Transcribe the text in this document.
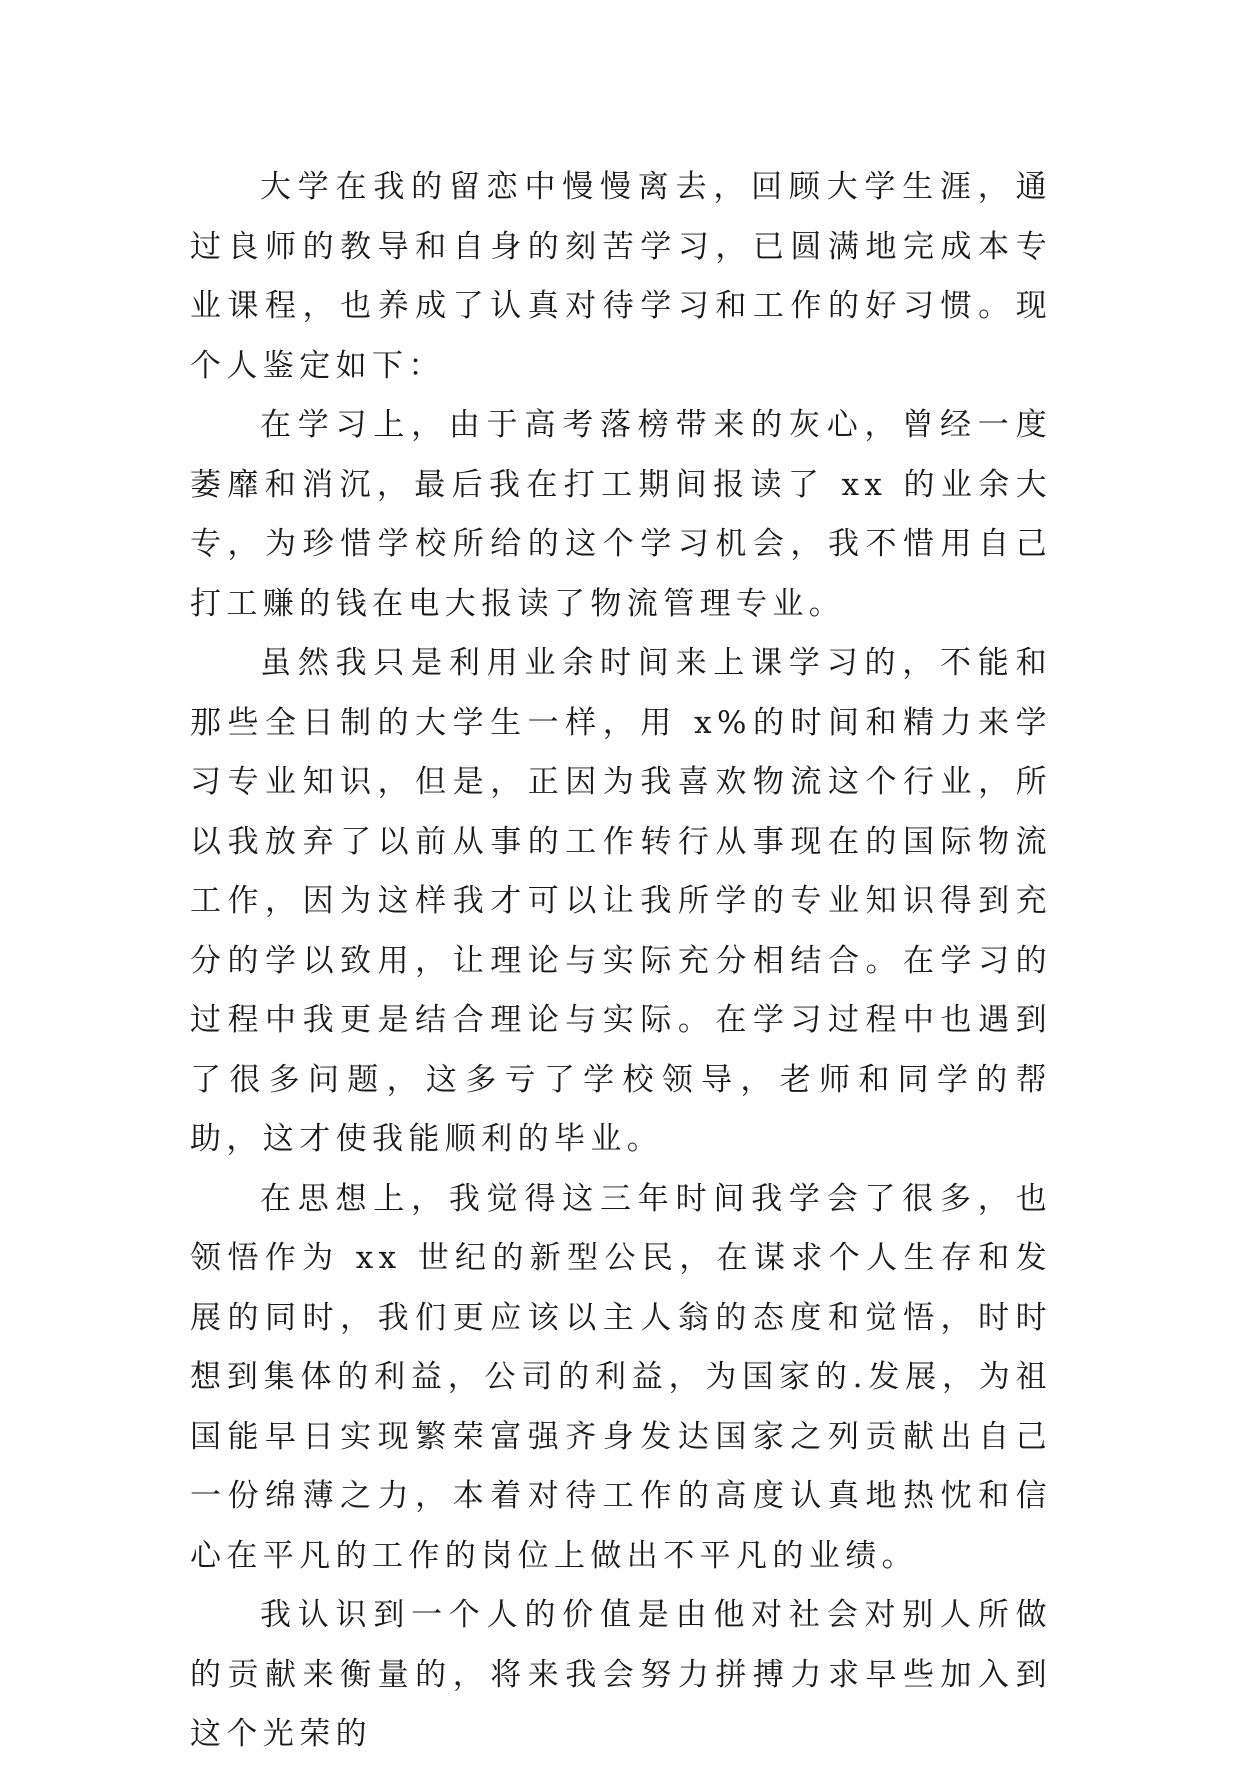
大学在我的留恋中慢慢离去，回顾大学生涯，通过良师的教导和自身的刻苦学习，已圆满地完成本专业课程，也养成了认真对待学习和工作的好习惯。现个人鉴定如下：

在学习上，由于高考落榜带来的灰心，曾经一度萎靡和消沉，最后我在打工期间报读了 xx 的业余大专，为珍惜学校所给的这个学习机会，我不惜用自己打工赚的钱在电大报读了物流管理专业。

虽然我只是利用业余时间来上课学习的，不能和那些全日制的大学生一样，用 x%的时间和精力来学习专业知识，但是，正因为我喜欢物流这个行业，所以我放弃了以前从事的工作转行从事现在的国际物流工作，因为这样我才可以让我所学的专业知识得到充分的学以致用，让理论与实际充分相结合。在学习的过程中我更是结合理论与实际。在学习过程中也遇到了很多问题，这多亏了学校领导，老师和同学的帮助，这才使我能顺利的毕业。

在思想上，我觉得这三年时间我学会了很多，也领悟作为 xx 世纪的新型公民，在谋求个人生存和发展的同时，我们更应该以主人翁的态度和觉悟，时时想到集体的利益，公司的利益，为国家的.发展，为祖国能早日实现繁荣富强齐身发达国家之列贡献出自己一份绵薄之力，本着对待工作的高度认真地热忱和信心在平凡的工作的岗位上做出不平凡的业绩。

我认识到一个人的价值是由他对社会对别人所做的贡献来衡量的，将来我会努力拼搏力求早些加入到这个光荣的
